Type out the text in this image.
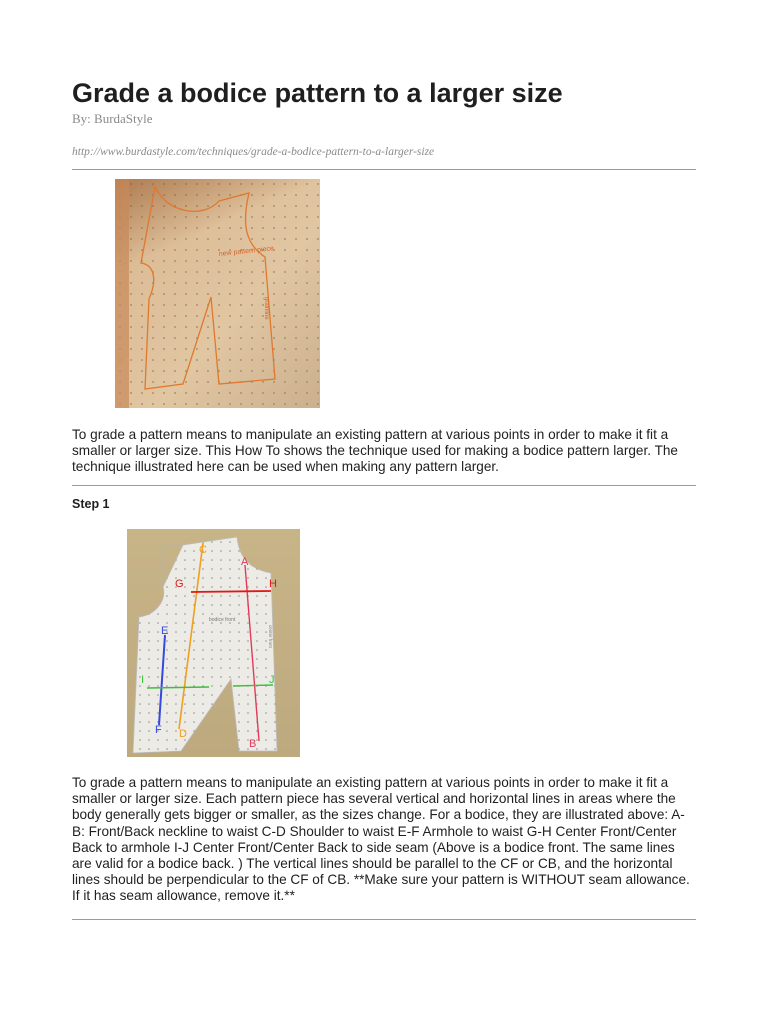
Grade a bodice pattern to a larger size
By: BurdaStyle
http://www.burdastyle.com/techniques/grade-a-bodice-pattern-to-a-larger-size
new pattern piece
grainline

To grade a pattern means to manipulate an existing pattern at various points in order to make it fit a smaller or larger size. This How To shows the technique used for making a bodice pattern larger. The technique illustrated here can be used when making any pattern larger.

Step 1
bodice front
center front
A
B
C
D
E
F
G	H
I	J

To grade a pattern means to manipulate an existing pattern at various points in order to make it fit a smaller or larger size. Each pattern piece has several vertical and horizontal lines in areas where the body generally gets bigger or smaller, as the sizes change. For a bodice, they are illustrated above: A-B: Front/Back neckline to waist C-D Shoulder to waist E-F Armhole to waist G-H Center Front/Center Back to armhole I-J Center Front/Center Back to side seam (Above is a bodice front. The same lines are valid for a bodice back. ) The vertical lines should be parallel to the CF or CB, and the horizontal lines should be perpendicular to the CF of CB. **Make sure your pattern is WITHOUT seam allowance. If it has seam allowance, remove it.**
